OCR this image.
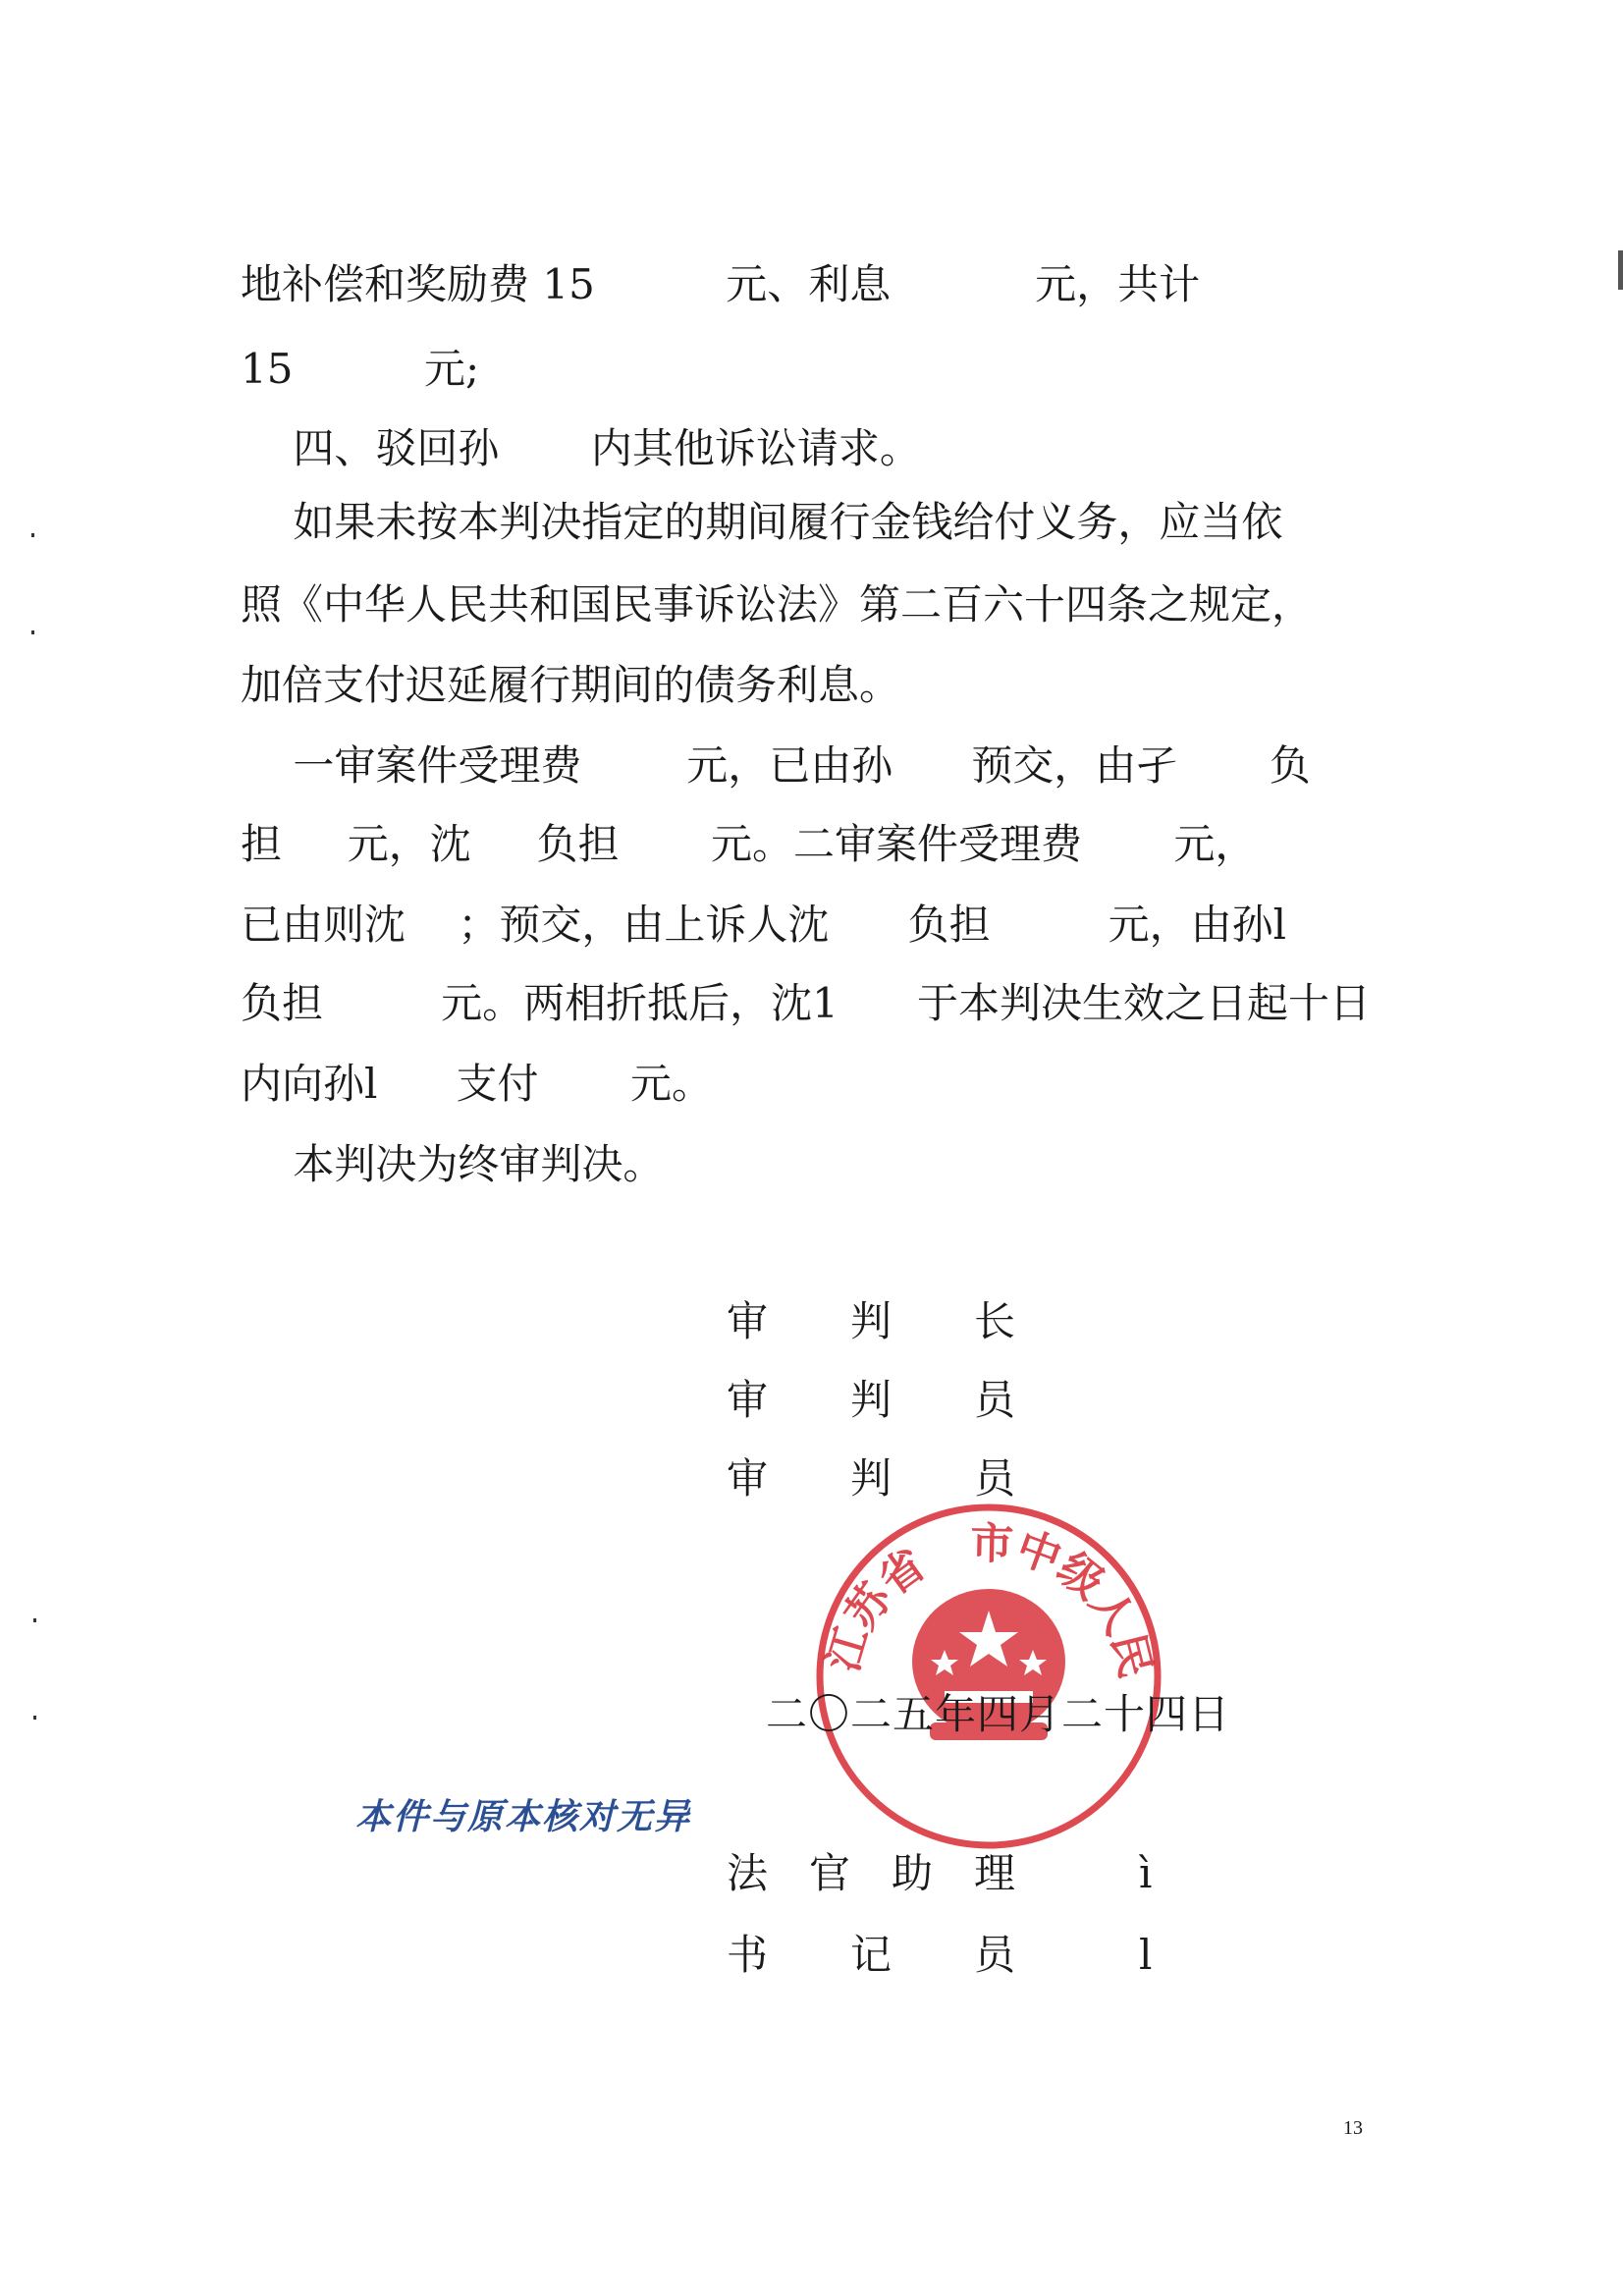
地补偿和奖励费 15          元、利息           元，共计
15          元;
四、驳回孙       内其他诉讼请求。
如果未按本判决指定的期间履行金钱给付义务，应当依
照《中华人民共和国民事诉讼法》第二百六十四条之规定，
加倍支付迟延履行期间的债务利息。
一审案件受理费        元，已由孙      预交，由孑       负
担     元，沈     负担       元。二审案件受理费       元，
已由则沈    ；预交，由上诉人沈      负担         元，由孙l
负担         元。两相折抵后，沈1      于本判决生效之日起十日
内向孙l      支付       元。
本判决为终审判决。
审　　判　　长
审　　判　　员
审　　判　　员
江苏省　市中级人民
二〇二五年四月二十四日
本件与原本核对无异
法　官　助　理　　　ì
书　　记　　员　　　l
13
